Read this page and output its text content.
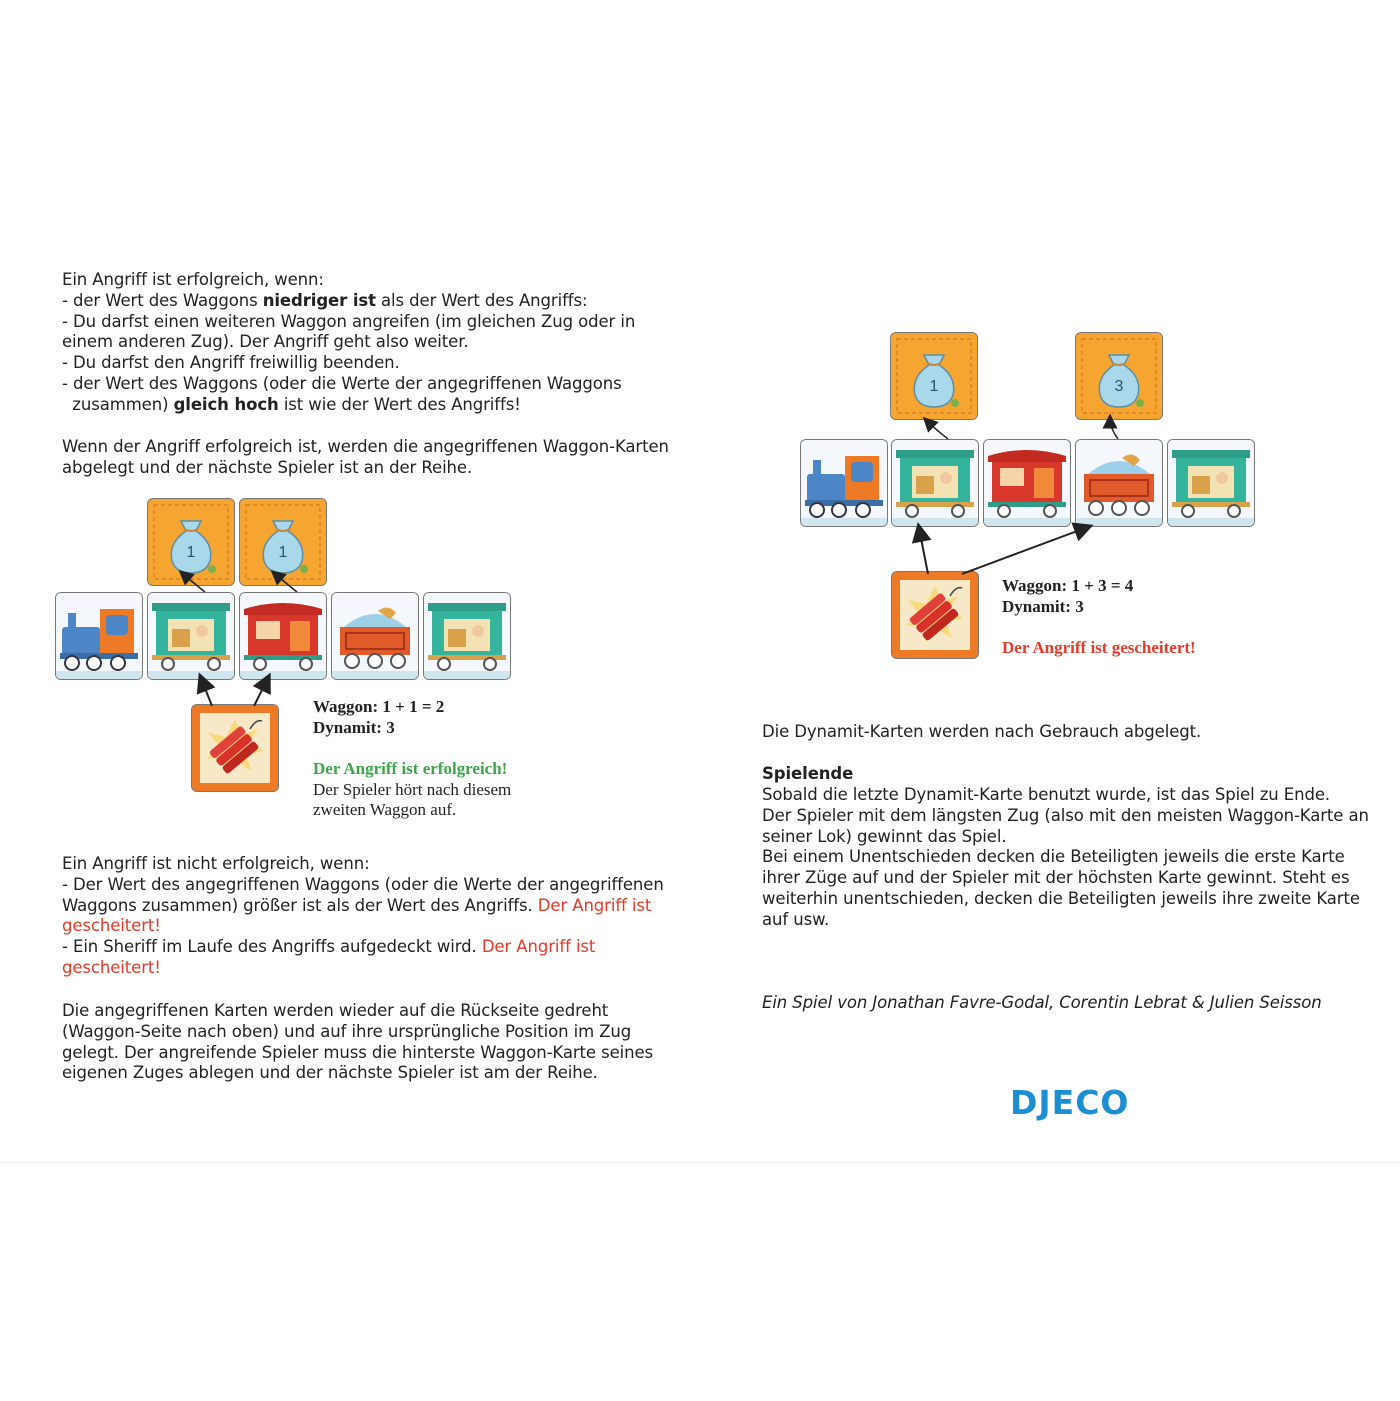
Ein Angriff ist erfolgreich, wenn:
- der Wert des Waggons niedriger ist als der Wert des Angriffs:
- Du darfst einen weiteren Waggon angreifen (im gleichen Zug oder in
einem anderen Zug). Der Angriff geht also weiter.
- Du darfst den Angriff freiwillig beenden.
- der Wert des Waggons (oder die Werte der angegriffenen Waggons
zusammen) gleich hoch ist wie der Wert des Angriffs!
Wenn der Angriff erfolgreich ist, werden die angegriffenen Waggon-Karten
abgelegt und der nächste Spieler ist an der Reihe.
1	1
Waggon: 1 + 1 = 2
Dynamit: 3
Der Angriff ist erfolgreich!
Der Spieler hört nach diesem
zweiten Waggon auf.
Ein Angriff ist nicht erfolgreich, wenn:
- Der Wert des angegriffenen Waggons (oder die Werte der angegriffenen
Waggons zusammen) größer ist als der Wert des Angriffs. Der Angriff ist
gescheitert!
- Ein Sheriff im Laufe des Angriffs aufgedeckt wird. Der Angriff ist
gescheitert!
Die angegriffenen Karten werden wieder auf die Rückseite gedreht
(Waggon-Seite nach oben) und auf ihre ursprüngliche Position im Zug
gelegt. Der angreifende Spieler muss die hinterste Waggon-Karte seines
eigenen Zuges ablegen und der nächste Spieler ist am der Reihe.
1	3
Waggon: 1 + 3 = 4
Dynamit: 3
Der Angriff ist gescheitert!
Die Dynamit-Karten werden nach Gebrauch abgelegt.
Spielende
Sobald die letzte Dynamit-Karte benutzt wurde, ist das Spiel zu Ende.
Der Spieler mit dem längsten Zug (also mit den meisten Waggon-Karte an
seiner Lok) gewinnt das Spiel.
Bei einem Unentschieden decken die Beteiligten jeweils die erste Karte
ihrer Züge auf und der Spieler mit der höchsten Karte gewinnt. Steht es
weiterhin unentschieden, decken die Beteiligten jeweils ihre zweite Karte
auf usw.
Ein Spiel von Jonathan Favre-Godal, Corentin Lebrat & Julien Seisson
DJECO
